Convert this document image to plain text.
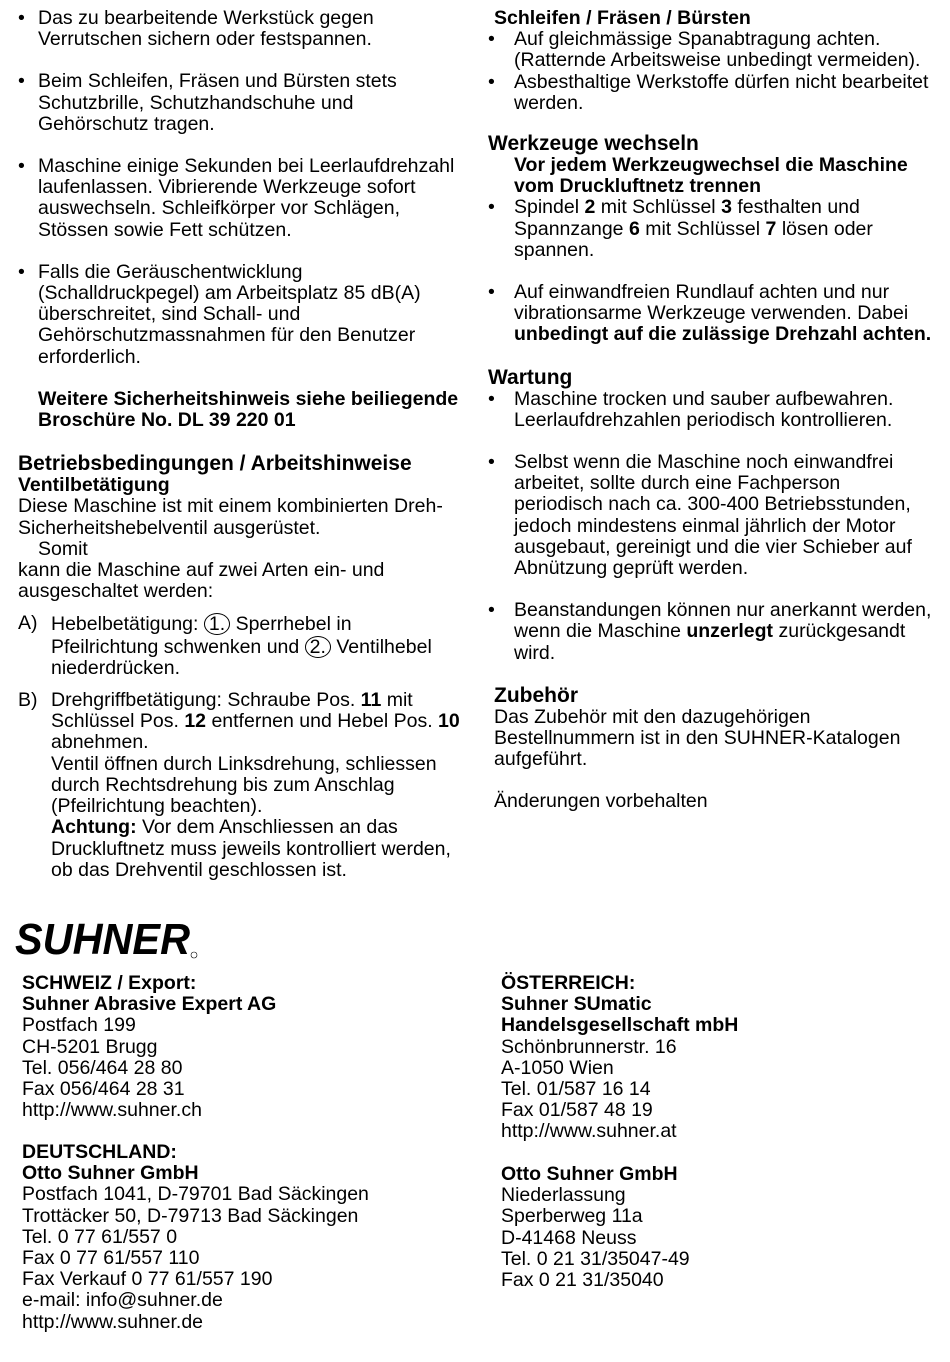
• Das zu bearbeitende Werkstück gegen Verrutschen sichern oder festspannen.
• Beim Schleifen, Fräsen und Bürsten stets Schutzbrille, Schutzhandschuhe und Gehörschutz tragen.
• Maschine einige Sekunden bei Leerlaufdrehzahl laufenlassen. Vibrierende Werkzeuge sofort auswechseln. Schleifkörper vor Schlägen, Stössen sowie Fett schützen.
• Falls die Geräuschentwicklung (Schalldruckpegel) am Arbeitsplatz 85 dB(A) überschreitet, sind Schall- und Gehörschutzmassnahmen für den Benutzer erforderlich.
Weitere Sicherheitshinweis siehe beiliegende Broschüre No. DL 39 220 01
Betriebsbedingungen / Arbeitshinweise
Ventilbetätigung
Diese Maschine ist mit einem kombinierten Dreh-Sicherheitshebelventil ausgerüstet.
Somit
kann die Maschine auf zwei Arten ein- und ausgeschaltet werden:
A) Hebelbetätigung: 1. Sperrhebel in Pfeilrichtung schwenken und 2. Ventilhebel niederdrücken.
B) Drehgriffbetätigung: Schraube Pos. 11 mit Schlüssel Pos. 12 entfernen und Hebel Pos. 10 abnehmen.
Ventil öffnen durch Linksdrehung, schliessen durch Rechtsdrehung bis zum Anschlag (Pfeilrichtung beachten).
Achtung: Vor dem Anschliessen an das Druckluftnetz muss jeweils kontrolliert werden, ob das Drehventil geschlossen ist.
Schleifen / Fräsen / Bürsten
• Auf gleichmässige Spanabtragung achten. (Ratternde Arbeitsweise unbedingt vermeiden).
• Asbesthaltige Werkstoffe dürfen nicht bearbeitet werden.
Werkzeuge wechseln
Vor jedem Werkzeugwechsel die Maschine vom Druckluftnetz trennen
• Spindel 2 mit Schlüssel 3 festhalten und Spannzange 6 mit Schlüssel 7 lösen oder spannen.
• Auf einwandfreien Rundlauf achten und nur vibrationsarme Werkzeuge verwenden. Dabei unbedingt auf die zulässige Drehzahl achten.
Wartung
• Maschine trocken und sauber aufbewahren. Leerlaufdrehzahlen periodisch kontrollieren.
• Selbst wenn die Maschine noch einwandfrei arbeitet, sollte durch eine Fachperson periodisch nach ca. 300-400 Betriebsstunden, jedoch mindestens einmal jährlich der Motor ausgebaut, gereinigt und die vier Schieber auf Abnützung geprüft werden.
• Beanstandungen können nur anerkannt werden, wenn die Maschine unzerlegt zurückgesandt wird.
Zubehör
Das Zubehör mit den dazugehörigen Bestellnummern ist in den SUHNER-Katalogen aufgeführt.
Änderungen vorbehalten
SUHNER
SCHWEIZ / Export:
Suhner Abrasive Expert AG
Postfach 199
CH-5201 Brugg
Tel. 056/464 28 80
Fax 056/464 28 31
http://www.suhner.ch
DEUTSCHLAND:
Otto Suhner GmbH
Postfach 1041, D-79701 Bad Säckingen
Trottäcker 50, D-79713 Bad Säckingen
Tel. 0 77 61/557 0
Fax 0 77 61/557 110
Fax Verkauf 0 77 61/557 190
e-mail: info@suhner.de
http://www.suhner.de
ÖSTERREICH:
Suhner SUmatic
Handelsgesellschaft mbH
Schönbrunnerstr. 16
A-1050 Wien
Tel. 01/587 16 14
Fax 01/587 48 19
http://www.suhner.at
Otto Suhner GmbH
Niederlassung
Sperberweg 11a
D-41468 Neuss
Tel. 0 21 31/35047-49
Fax 0 21 31/35040
